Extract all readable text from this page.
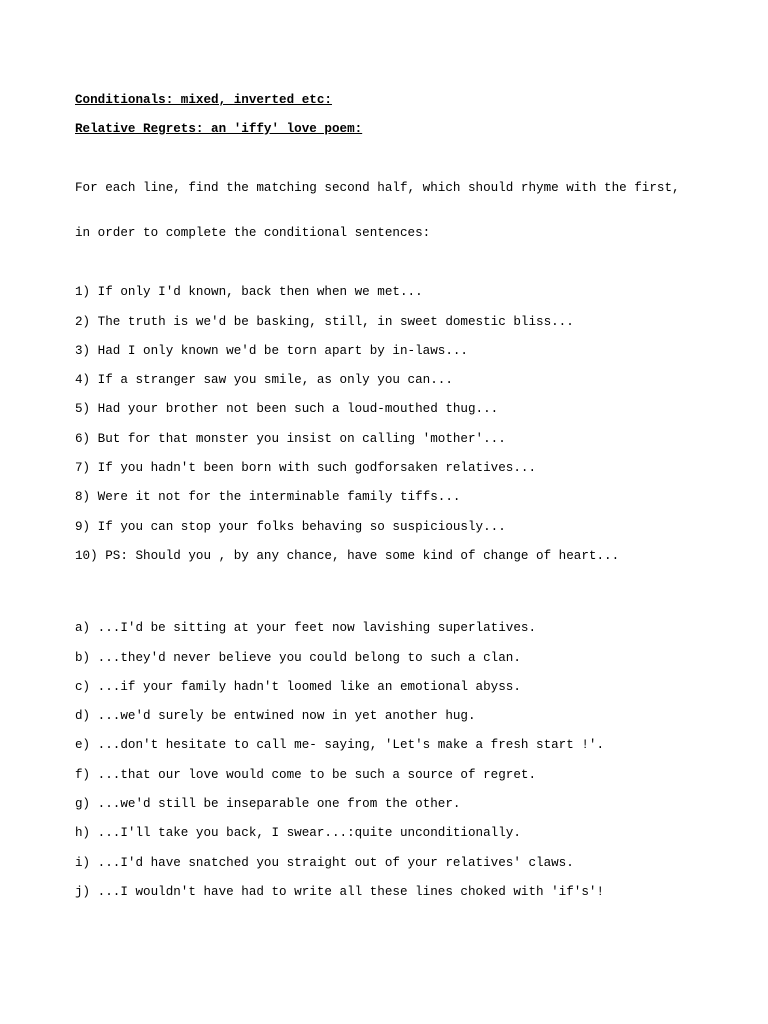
Conditionals: mixed, inverted etc:
Relative Regrets: an 'iffy' love poem:

For each line, find the matching second half, which should rhyme with the first,

in order to complete the conditional sentences:

1) If only I'd known, back then when we met...
2) The truth is we'd be basking, still, in sweet domestic bliss...
3) Had I only known we'd be torn apart by in-laws...
4) If a stranger saw you smile, as only you can...
5) Had your brother not been such a loud-mouthed thug...
6) But for that monster you insist on calling 'mother'...
7) If you hadn't been born with such godforsaken relatives...
8) Were it not for the interminable family tiffs...
9) If you can stop your folks behaving so suspiciously...
10) PS: Should you , by any chance, have some kind of change of heart...
a) ...I'd be sitting at your feet now lavishing superlatives.
b) ...they'd never believe you could belong to such a clan.
c) ...if your family hadn't loomed like an emotional abyss.
d) ...we'd surely be entwined now in yet another hug.
e) ...don't hesitate to call me- saying, 'Let's make a fresh start !'.
f) ...that our love would come to be such a source of regret.
g) ...we'd still be inseparable one from the other.
h) ...I'll take you back, I swear...:quite unconditionally.
i) ...I'd have snatched you straight out of your relatives' claws.
j) ...I wouldn't have had to write all these lines choked with 'if's'!
